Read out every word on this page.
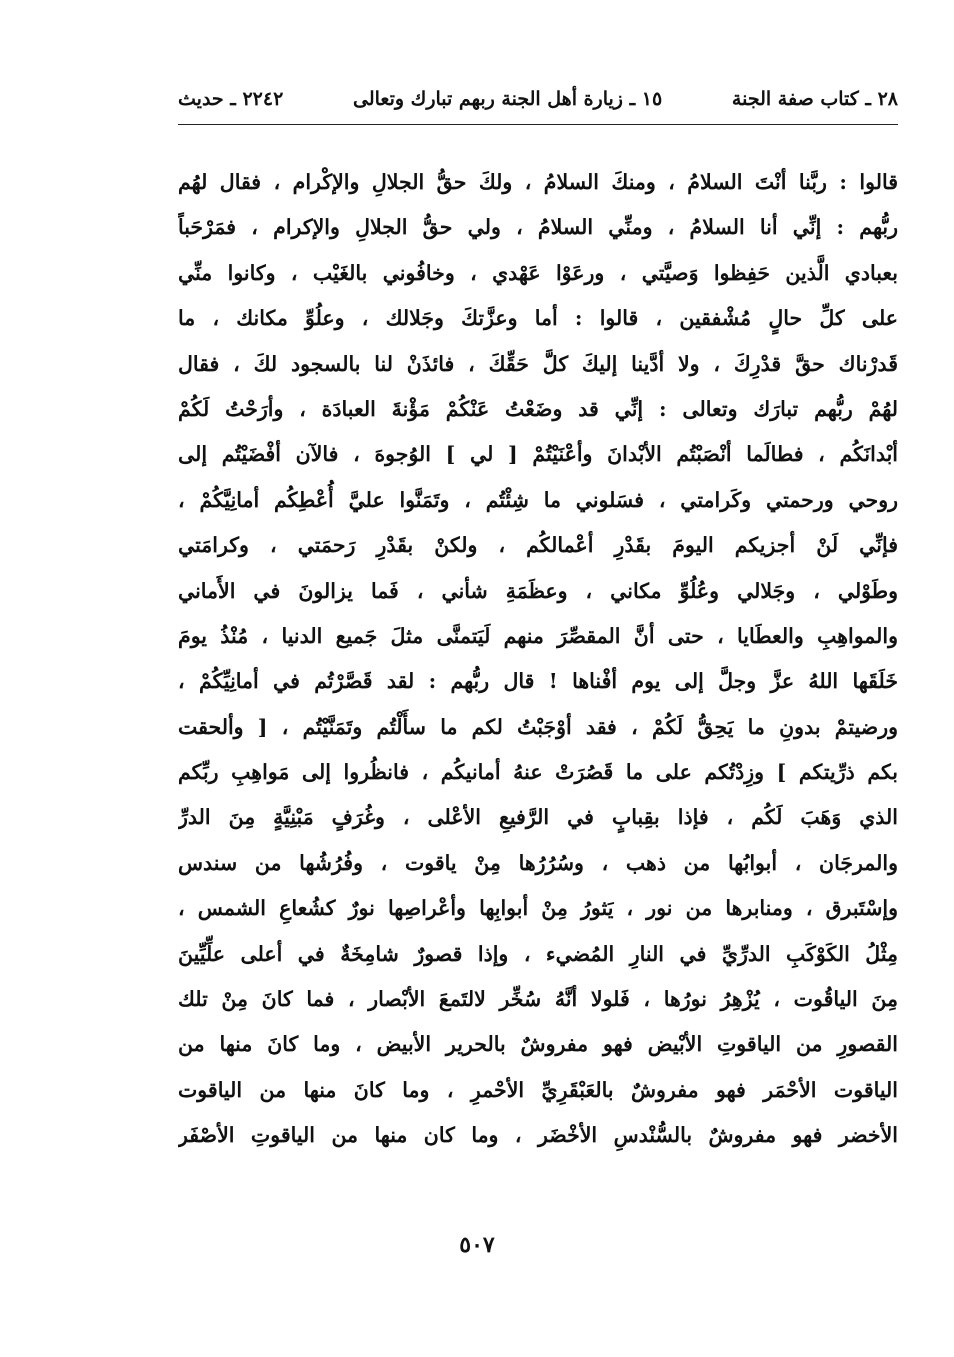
٢٨ ـ كتاب صفة الجنة
١٥ ـ زيارة أهل الجنة ربهم تبارك وتعالى
٢٢٤٢ ـ حديث
قالوا : ربَّنا أنْتَ السلامُ ، ومنكَ السلامُ ، ولكَ حقُّ الجلالِ والإكْرام ، فقال لهُم
ربُّهم : إنِّي أنا السلامُ ، ومنِّي السلامُ ، ولي حقُّ الجلالِ والإكرام ، فمَرْحَباً
بعبادي الَّذين حَفِظوا وَصيَّتي ، ورعَوْا عَهْدي ، وخافُوني بالغَيْب ، وكانوا منِّي
على كلِّ حالٍ مُشْفقين ، قالوا : أما وعزَّتكَ وجَلالك ، وعلُوِّ مكانك ، ما
قَدرْناك حقَّ قدْرِكَ ، ولا أدَّينا إليكَ كلَّ حَقِّكَ ، فائذَنْ لنا بالسجود لكَ ، فقال
لهُمْ ربُّهم تبارَك وتعالى : إنِّي قد وضَعْتُ عَنْكُمْ مَؤْنةَ العبادَة ، وأرَحْتُ لَكُمْ
أبْدانَكُم ، فطالَما أنْصَبْتُم الأبْدانَ وأعْنَيْتُمْ [ لي ] الوُجوهَ ، فالآن أفْضَيْتُم إلى
روحي ورحمتي وكَرامتي ، فسَلوني ما شِئْتُم ، وتَمَنَّوا عليَّ أُعْطِكُم أمانِيَّكُمْ ،
فإنِّي لَنْ أجزيكم اليومَ بقَدْرِ أعْمالكُم ، ولكنْ بقَدْرِ رَحمَتي ، وكرامَتي
وطَوْلي ، وجَلالي وعُلُوِّ مكاني ، وعظَمَةِ شأني ، فَما يزالونَ في الأَماني
والمواهِبِ والعطَايا ، حتى أنَّ المقصِّرَ منهم لَيَتمنَّى مثلَ جَميع الدنيا ، مُنْذُ يومَ
خَلَقَها اللهُ عزَّ وجلَّ إلى يوم أفْناها ! قال ربُّهم : لقد قَصَّرْتُم في أمانِيِّكُمْ ،
ورضيتمْ بدونِ ما يَحِقُّ لَكُمْ ، فقد أوْجَبْتُ لكم ما سأَلْتُم وتَمَنَّيْتُم ، [ وألحقت
بكم ذرِّيتكم ] وزِدْتُكم على ما قَصُرَتْ عنهُ أمانيكُم ، فانظُروا إلى مَواهِبِ ربِّكم
الذي وَهَبَ لَكُم ، فإذا بقِبابٍ في الرَّفيعِ الأعْلى ، وغُرَفٍ مَبْنِيَّةٍ مِنَ الدرِّ
والمرجَان ، أبوابُها من ذهب ، وسُرُرُها مِنْ ياقوت ، وفُرُشُها من سندس
وإسْتَبرق ، ومنابرها من نور ، يَثورُ مِنْ أبوابِها وأعْراصِها نورٌ كشُعاعِ الشمس ،
مِثْلُ الكَوْكَبِ الدرِّيِّ في النارِ المُضيء ، وإذا قصورٌ شامِخَةٌ في أعلى علِّيِّينَ
مِنَ الياقُوت ، يُزْهِرُ نورُها ، فَلولا أنَّهُ سُخِّر لالتَمعَ الأبْصار ، فما كانَ مِنْ تلك
القصورِ من الياقوتِ الأبْيض فهو مفروشٌ بالحرير الأبيض ، وما كانَ منها من
الياقوت الأحْمَر فهو مفروشٌ بالعَبْقَرِيِّ الأحْمرِ ، وما كانَ منها من الياقوت
الأخضر فهو مفروشٌ بالسُّنْدسِ الأخْضَر ، وما كان منها من الياقوتِ الأصْفَر
٥٠٧
